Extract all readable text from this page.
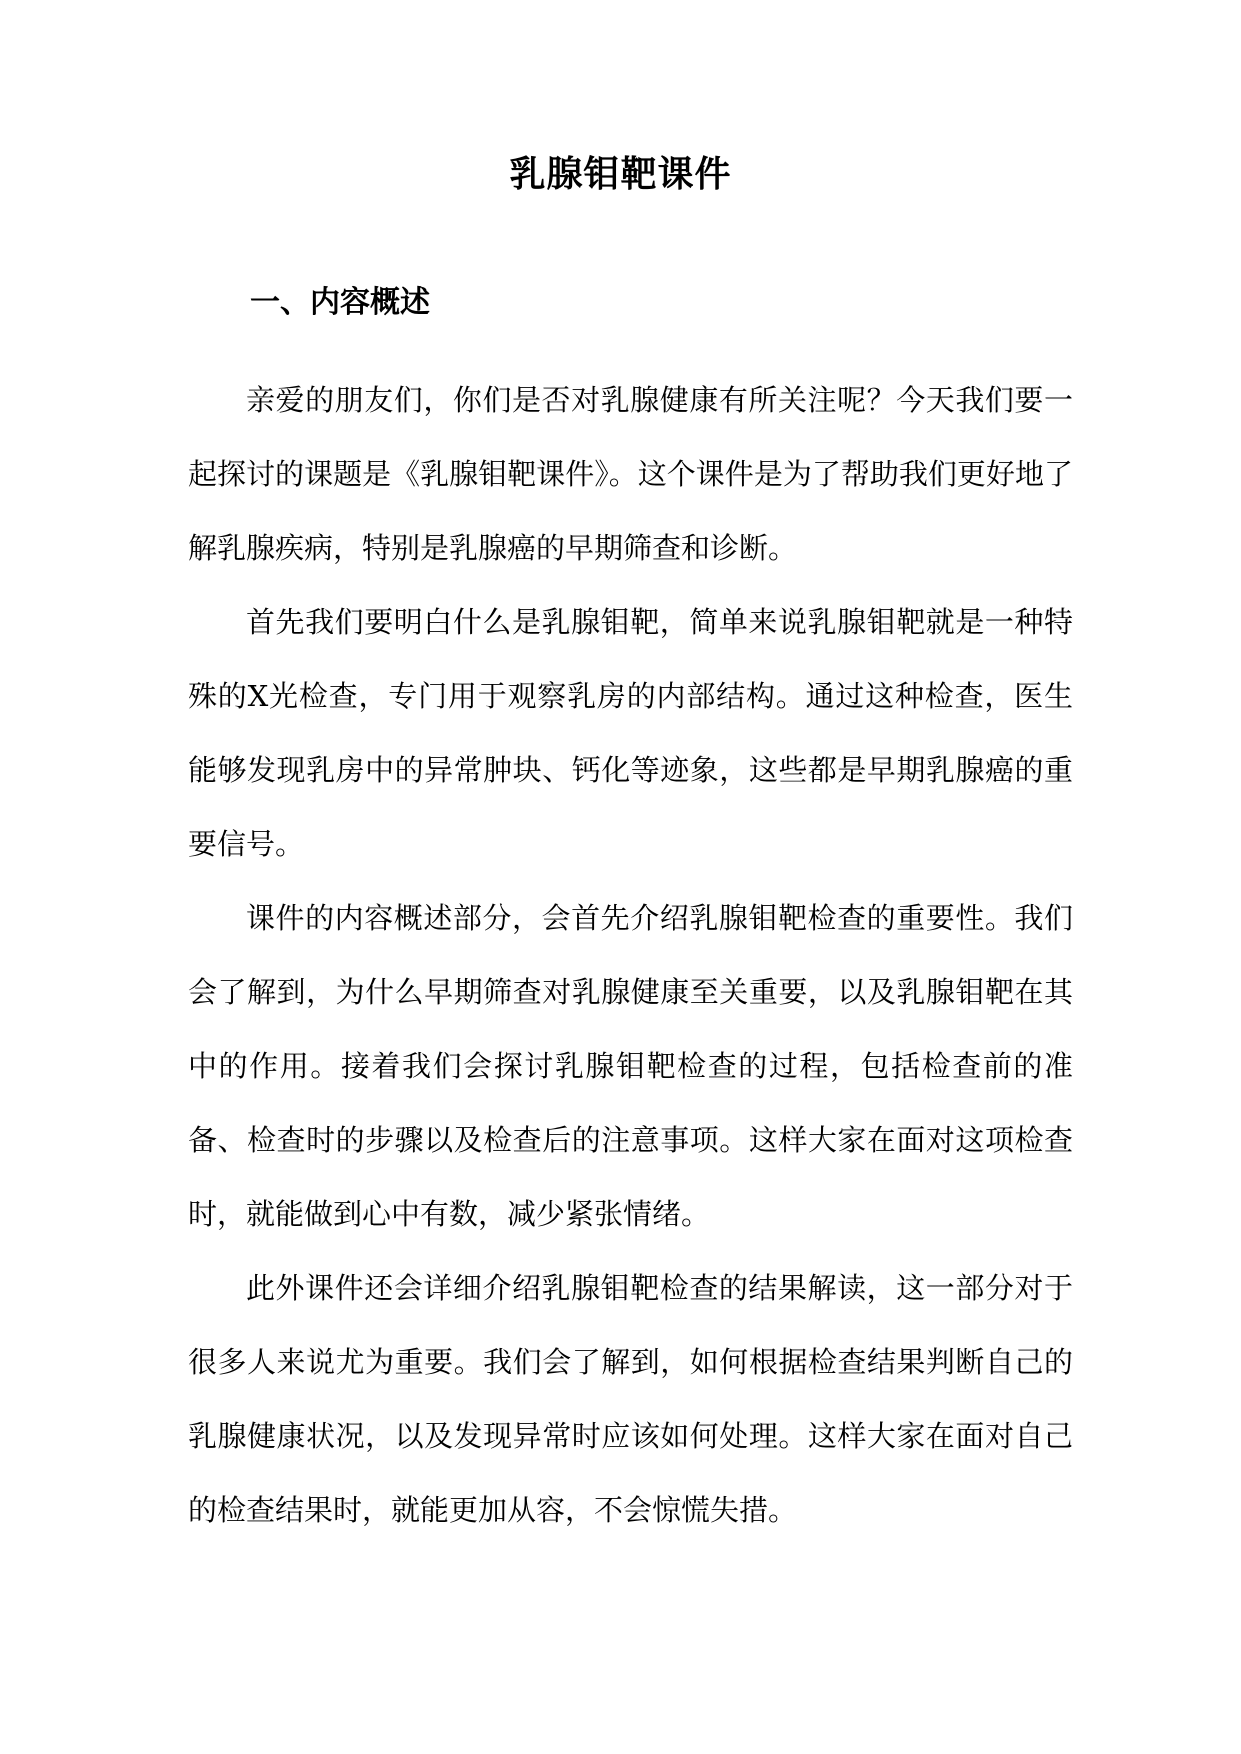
乳腺钼靶课件
一、内容概述

亲爱的朋友们，你们是否对乳腺健康有所关注呢？今天我们要一起探讨的课题是《乳腺钼靶课件》。这个课件是为了帮助我们更好地了解乳腺疾病，特别是乳腺癌的早期筛查和诊断。

首先我们要明白什么是乳腺钼靶，简单来说乳腺钼靶就是一种特殊的X光检查，专门用于观察乳房的内部结构。通过这种检查，医生能够发现乳房中的异常肿块、钙化等迹象，这些都是早期乳腺癌的重要信号。

课件的内容概述部分，会首先介绍乳腺钼靶检查的重要性。我们会了解到，为什么早期筛查对乳腺健康至关重要，以及乳腺钼靶在其中的作用。接着我们会探讨乳腺钼靶检查的过程，包括检查前的准备、检查时的步骤以及检查后的注意事项。这样大家在面对这项检查时，就能做到心中有数，减少紧张情绪。

此外课件还会详细介绍乳腺钼靶检查的结果解读，这一部分对于很多人来说尤为重要。我们会了解到，如何根据检查结果判断自己的乳腺健康状况，以及发现异常时应该如何处理。这样大家在面对自己的检查结果时，就能更加从容，不会惊慌失措。
